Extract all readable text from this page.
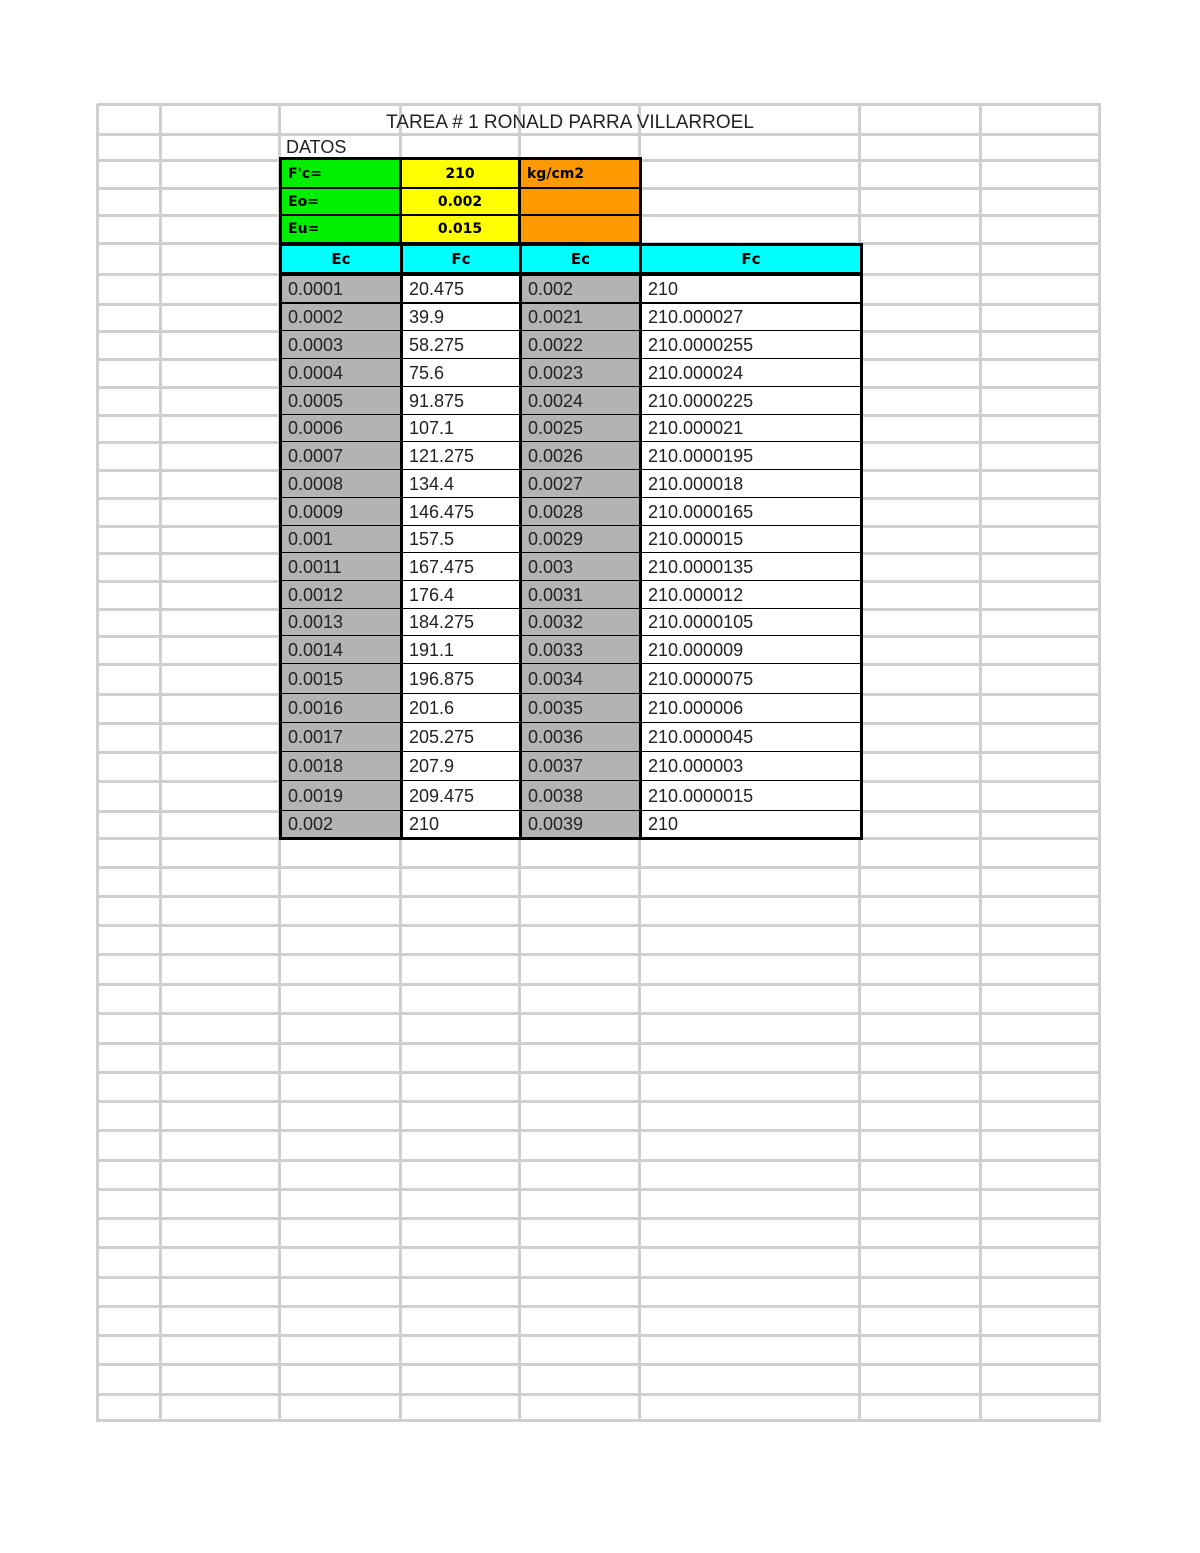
TAREA # 1 RONALD PARRA VILLARROEL
DATOS
F'c=	210	kg/cm2
Eo=	0.002
Eu=	0.015
Ec	Fc	Ec	Fc
0.0001	20.475	0.002	210
0.0002	39.9	0.0021	210.000027
0.0003	58.275	0.0022	210.0000255
0.0004	75.6	0.0023	210.000024
0.0005	91.875	0.0024	210.0000225
0.0006	107.1	0.0025	210.000021
0.0007	121.275	0.0026	210.0000195
0.0008	134.4	0.0027	210.000018
0.0009	146.475	0.0028	210.0000165
0.001	157.5	0.0029	210.000015
0.0011	167.475	0.003	210.0000135
0.0012	176.4	0.0031	210.000012
0.0013	184.275	0.0032	210.0000105
0.0014	191.1	0.0033	210.000009
0.0015	196.875	0.0034	210.0000075
0.0016	201.6	0.0035	210.000006
0.0017	205.275	0.0036	210.0000045
0.0018	207.9	0.0037	210.000003
0.0019	209.475	0.0038	210.0000015
0.002	210	0.0039	210
